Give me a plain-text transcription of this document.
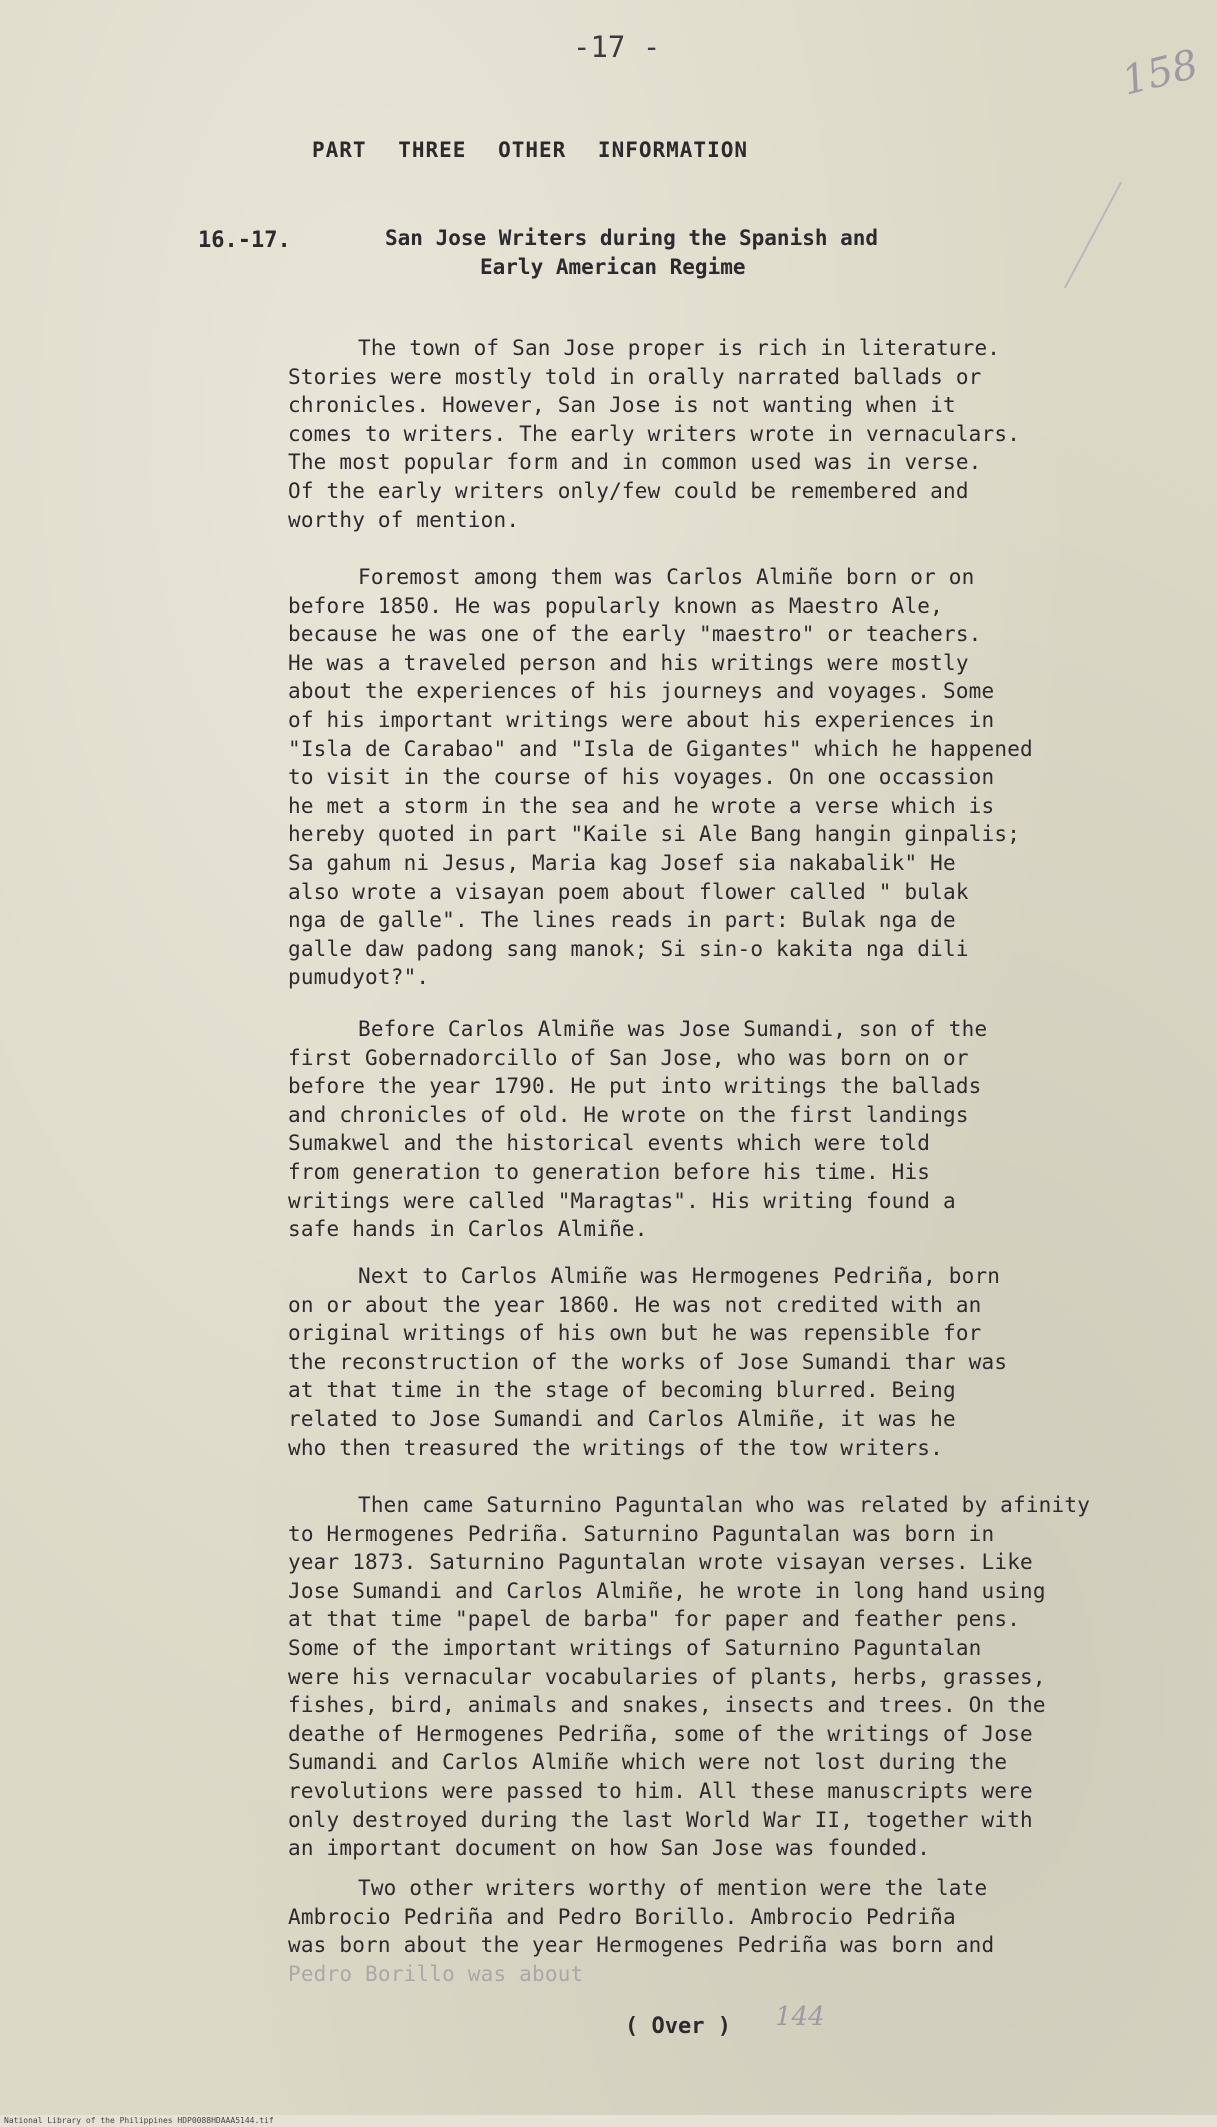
-17 -	158
PART THREE OTHER INFORMATION
16.-17.	San Jose Writers during the Spanish and
Early American Regime

The town of San Jose proper is rich in literature.

Stories were mostly told in orally narrated ballads or

chronicles. However, San Jose is not wanting when it

comes to writers. The early writers wrote in vernaculars.

The most popular form and in common used was in verse.

Of the early writers only/few could be remembered and

worthy of mention.

Foremost among them was Carlos Almiñe born or on

before 1850. He was popularly known as Maestro Ale,

because he was one of the early "maestro" or teachers.

He was a traveled person and his writings were mostly

about the experiences of his journeys and voyages. Some

of his important writings were about his experiences in

"Isla de Carabao" and "Isla de Gigantes" which he happened

to visit in the course of his voyages. On one occassion

he met a storm in the sea and he wrote a verse which is

hereby quoted in part "Kaile si Ale Bang hangin ginpalis;

Sa gahum ni Jesus, Maria kag Josef sia nakabalik" He

also wrote a visayan poem about flower called " bulak

nga de galle". The lines reads in part: Bulak nga de

galle daw padong sang manok; Si sin-o kakita nga dili

pumudyot?".

Before Carlos Almiñe was Jose Sumandi, son of the

first Gobernadorcillo of San Jose, who was born on or

before the year 1790. He put into writings the ballads

and chronicles of old. He wrote on the first landings

Sumakwel and the historical events which were told

from generation to generation before his time. His

writings were called "Maragtas". His writing found a

safe hands in Carlos Almiñe.

Next to Carlos Almiñe was Hermogenes Pedriña, born

on or about the year 1860. He was not credited with an

original writings of his own but he was repensible for

the reconstruction of the works of Jose Sumandi thar was

at that time in the stage of becoming blurred. Being

related to Jose Sumandi and Carlos Almiñe, it was he

who then treasured the writings of the tow writers.

Then came Saturnino Paguntalan who was related by afinity

to Hermogenes Pedriña. Saturnino Paguntalan was born in

year 1873. Saturnino Paguntalan wrote visayan verses. Like

Jose Sumandi and Carlos Almiñe, he wrote in long hand using

at that time "papel de barba" for paper and feather pens.

Some of the important writings of Saturnino Paguntalan

were his vernacular vocabularies of plants, herbs, grasses,

fishes, bird, animals and snakes, insects and trees. On the

deathe of Hermogenes Pedriña, some of the writings of Jose

Sumandi and Carlos Almiñe which were not lost during the

revolutions were passed to him. All these manuscripts were

only destroyed during the last World War II, together with

an important document on how San Jose was founded.

Two other writers worthy of mention were the late

Ambrocio Pedriña and Pedro Borillo. Ambrocio Pedriña

was born about the year Hermogenes Pedriña was born and

Pedro Borillo was about

( Over ) 144
National Library of the Philippines HDP0088HDAAA5144.tif
